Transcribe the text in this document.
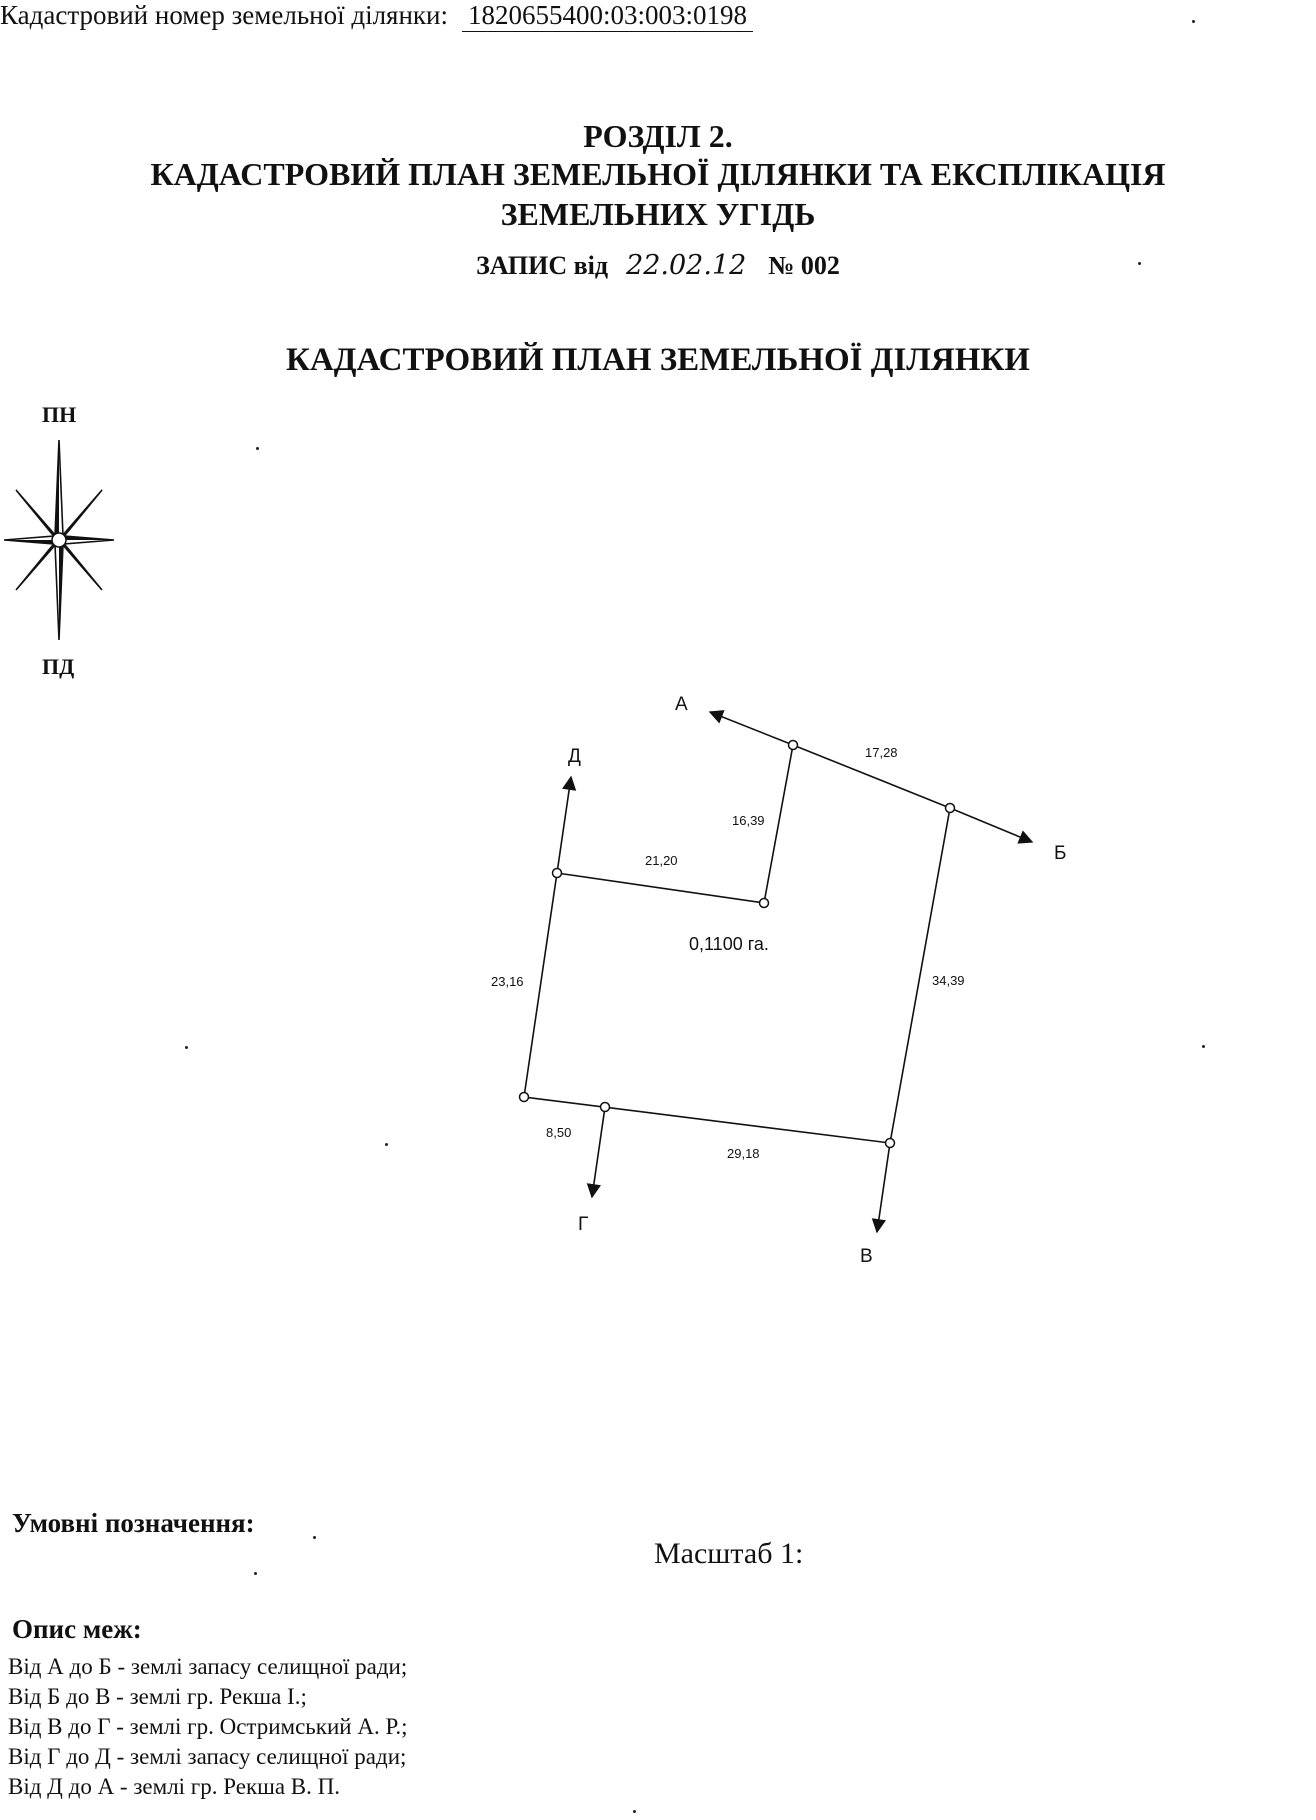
Кадастровий номер земельної ділянки: 1820655400:03:003:0198
РОЗДІЛ 2.
КАДАСТРОВИЙ ПЛАН ЗЕМЕЛЬНОЇ ДІЛЯНКИ ТА ЕКСПЛІКАЦІЯ
ЗЕМЕЛЬНИХ УГІДЬ
ЗАПИС від 22.02.12 № 002
КАДАСТРОВИЙ ПЛАН ЗЕМЕЛЬНОЇ ДІЛЯНКИ
ПН
ПД
А
Б
В
Г
Д	17,28
16,39
21,20
23,16	34,39
8,50
29,18
0,1100 га.
Умовні позначення:
Масштаб 1:
Опис меж:
Від А до Б - землі запасу селищної ради;
Від Б до В - землі гр. Рекша І.;
Від В до Г - землі гр. Остримський А. Р.;
Від Г до Д - землі запасу селищної ради;
Від Д до А - землі гр. Рекша В. П.
